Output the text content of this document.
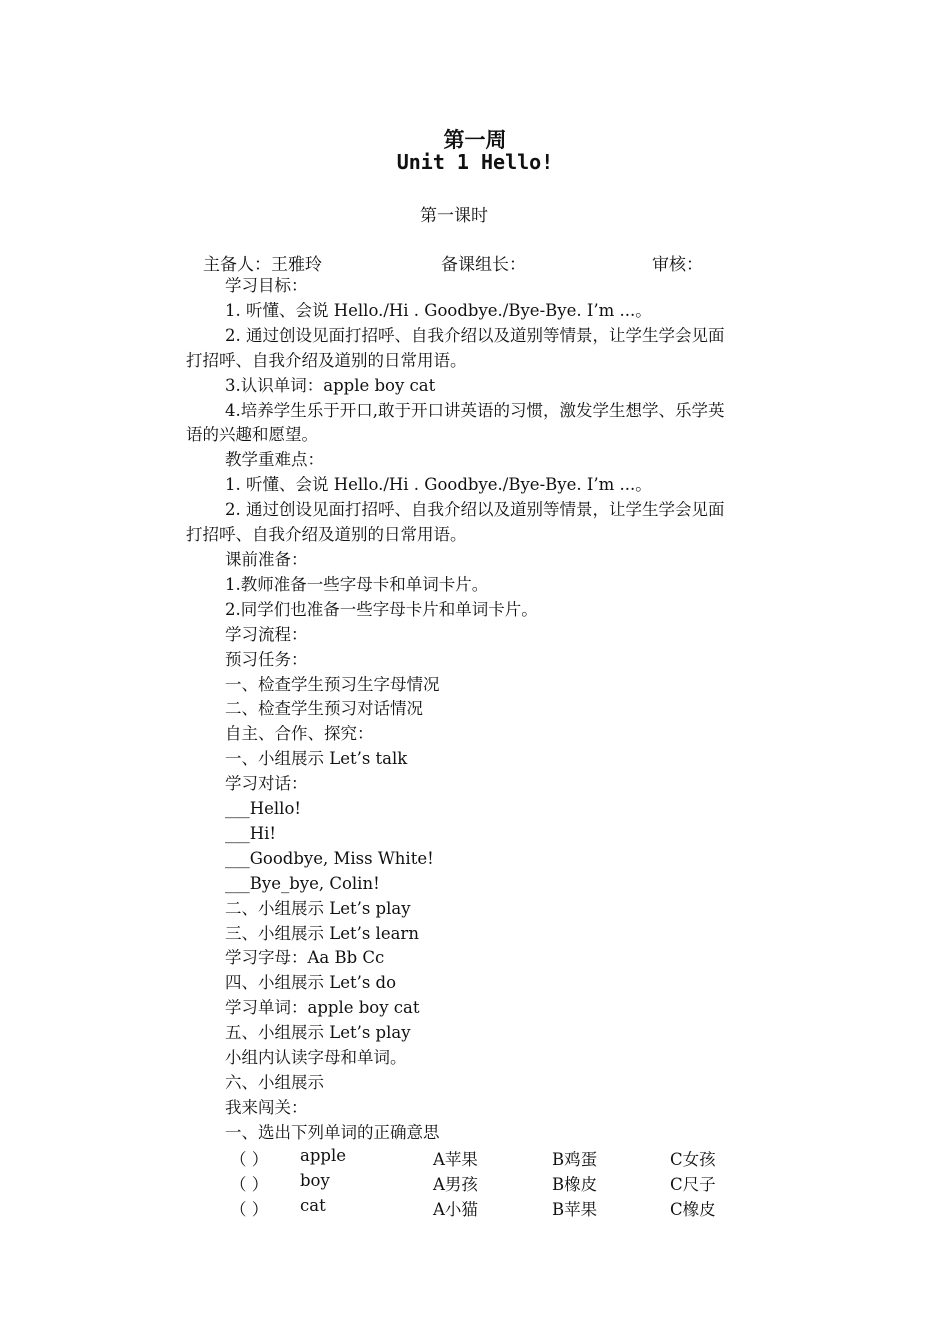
第一周
Unit 1 Hello!
第一课时
主备人：王雅玲	备课组长：	审核：

学习目标：

1. 听懂、会说 Hello./Hi . Goodbye./Bye-Bye. I’m ...。

2. 通过创设见面打招呼、自我介绍以及道别等情景，让学生学会见面打招呼、自我介绍及道别的日常用语。

3.认识单词：apple boy cat

4.培养学生乐于开口,敢于开口讲英语的习惯，激发学生想学、乐学英语的兴趣和愿望。

教学重难点：

1. 听懂、会说 Hello./Hi . Goodbye./Bye-Bye. I’m ...。

2. 通过创设见面打招呼、自我介绍以及道别等情景，让学生学会见面打招呼、自我介绍及道别的日常用语。

课前准备：

1.教师准备一些字母卡和单词卡片。

2.同学们也准备一些字母卡片和单词卡片。

学习流程：

预习任务：

一、检查学生预习生字母情况

二、检查学生预习对话情况

自主、合作、探究：

一、小组展示 Let’s talk

学习对话：

___Hello!

___Hi!

___Goodbye, Miss White!

___Bye_bye, Colin!

二、小组展示 Let’s play

三、小组展示 Let’s learn

学习字母：Aa Bb Cc

四、小组展示 Let’s do

学习单词：apple boy cat

五、小组展示 Let’s play

小组内认读字母和单词。

六、小组展示

我来闯关：

一、选出下列单词的正确意思

（ ） apple	A苹果	B鸡蛋	C女孩
（ ） boy	A男孩	B橡皮	C尺子
（ ） cat	A小猫	B苹果	C橡皮
